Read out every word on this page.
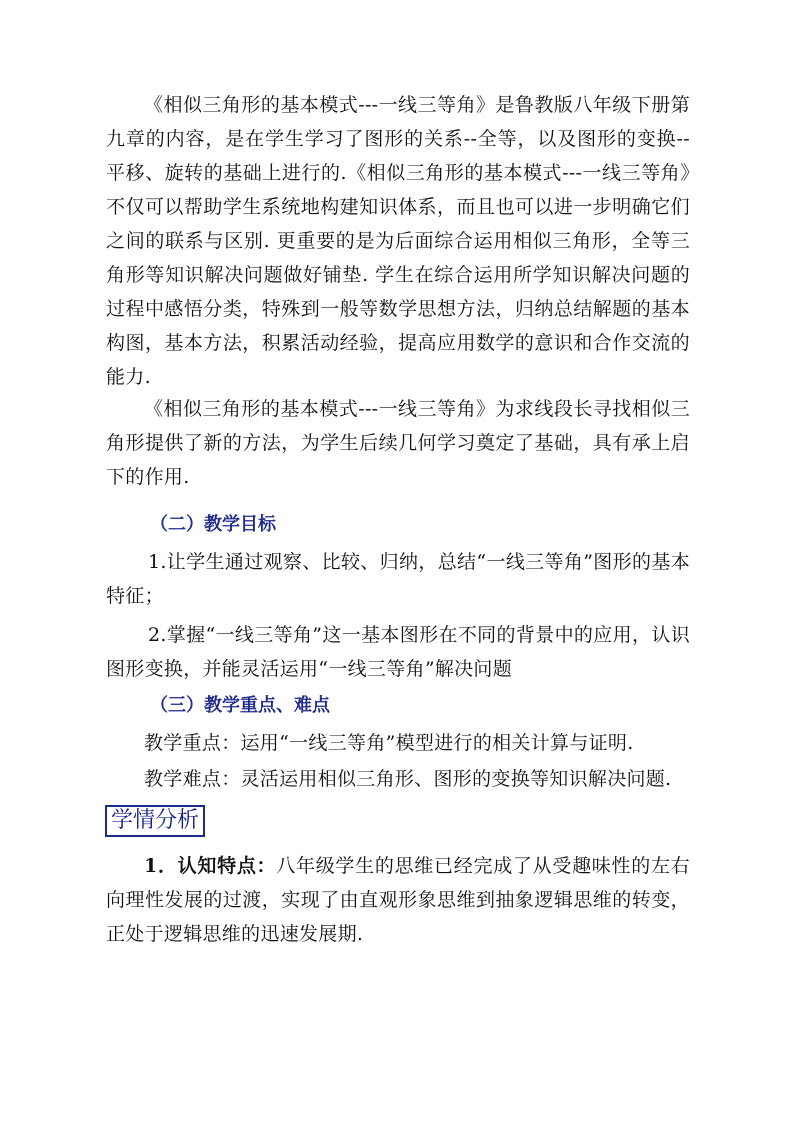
《相似三角形的基本模式---一线三等角》是鲁教版八年级下册第九章的内容，是在学生学习了图形的关系--全等，以及图形的变换--平移、旋转的基础上进行的.《相似三角形的基本模式---一线三等角》不仅可以帮助学生系统地构建知识体系，而且也可以进一步明确它们之间的联系与区别. 更重要的是为后面综合运用相似三角形，全等三角形等知识解决问题做好铺垫. 学生在综合运用所学知识解决问题的过程中感悟分类，特殊到一般等数学思想方法，归纳总结解题的基本构图，基本方法，积累活动经验，提高应用数学的意识和合作交流的能力.

《相似三角形的基本模式---一线三等角》为求线段长寻找相似三角形提供了新的方法，为学生后续几何学习奠定了基础，具有承上启下的作用.

（二）教学目标

1.让学生通过观察、比较、归纳，总结“一线三等角”图形的基本特征；

2.掌握“一线三等角”这一基本图形在不同的背景中的应用，认识图形变换，并能灵活运用“一线三等角”解决问题

（三）教学重点、难点

教学重点：运用“一线三等角”模型进行的相关计算与证明.

教学难点：灵活运用相似三角形、图形的变换等知识解决问题.

学情分析

1．认知特点：八年级学生的思维已经完成了从受趣味性的左右向理性发展的过渡，实现了由直观形象思维到抽象逻辑思维的转变，正处于逻辑思维的迅速发展期.
